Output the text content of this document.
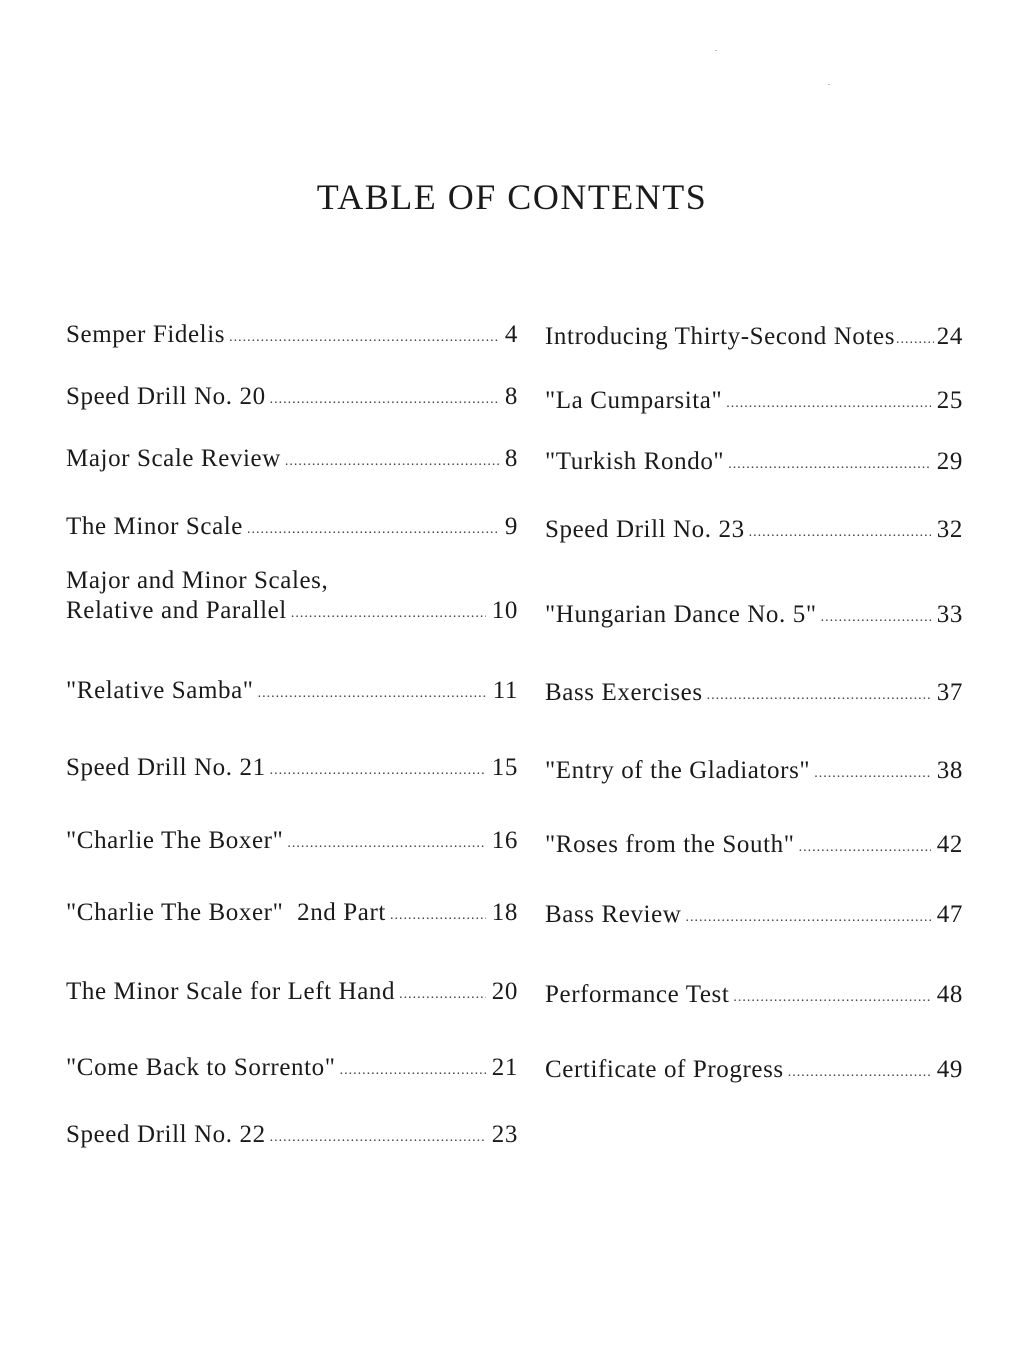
TABLE OF CONTENTS
Semper Fidelis .....	4
Speed Drill No. 20 .....	8
Major Scale Review .....	8
The Minor Scale .....	9
Major and Minor Scales,
Relative and Parallel .....	10
"Relative Samba" .....	11
Speed Drill No. 21 .....	15
"Charlie The Boxer" .....	16
"Charlie The Boxer"  2nd Part .....	18
The Minor Scale for Left Hand .....	20
"Come Back to Sorrento" .....	21
Speed Drill No. 22 .....	23
Introducing Thirty-Second Notes ..... 24
"La Cumparsita" .....	25
"Turkish Rondo" .....	29
Speed Drill No. 23 .....	32
"Hungarian Dance No. 5" .....	33
Bass Exercises .....	37
"Entry of the Gladiators" .....	38
"Roses from the South" .....	42
Bass Review .....	47
Performance Test .....	48
Certificate of Progress .....	49
